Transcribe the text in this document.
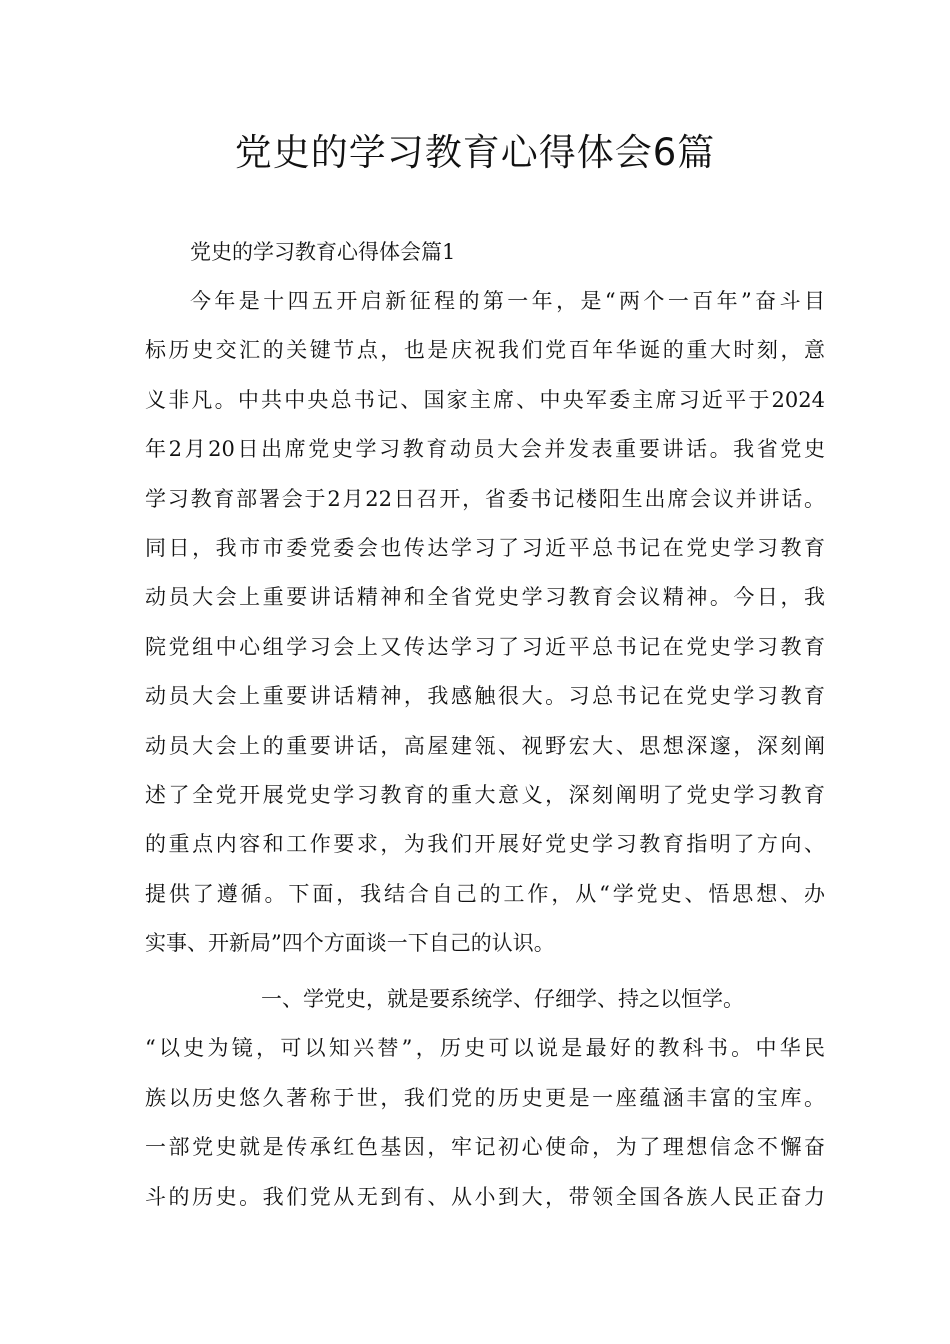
党史的学习教育心得体会6篇

党史的学习教育心得体会篇1

今年是十四五开启新征程的第一年，是“两个一百年”奋斗目
标历史交汇的关键节点，也是庆祝我们党百年华诞的重大时刻，意
义非凡。中共中央总书记、国家主席、中央军委主席习近平于2024
年2月20日出席党史学习教育动员大会并发表重要讲话。我省党史
学习教育部署会于2月22日召开，省委书记楼阳生出席会议并讲话。
同日，我市市委党委会也传达学习了习近平总书记在党史学习教育
动员大会上重要讲话精神和全省党史学习教育会议精神。今日，我
院党组中心组学习会上又传达学习了习近平总书记在党史学习教育
动员大会上重要讲话精神，我感触很大。习总书记在党史学习教育
动员大会上的重要讲话，高屋建瓴、视野宏大、思想深邃，深刻阐
述了全党开展党史学习教育的重大意义，深刻阐明了党史学习教育
的重点内容和工作要求，为我们开展好党史学习教育指明了方向、
提供了遵循。下面，我结合自己的工作，从“学党史、悟思想、办
实事、开新局”四个方面谈一下自己的认识。
一、学党史，就是要系统学、仔细学、持之以恒学。
“以史为镜，可以知兴替”，历史可以说是最好的教科书。中华民
族以历史悠久著称于世，我们党的历史更是一座蕴涵丰富的宝库。
一部党史就是传承红色基因，牢记初心使命，为了理想信念不懈奋
斗的历史。我们党从无到有、从小到大，带领全国各族人民正奋力
